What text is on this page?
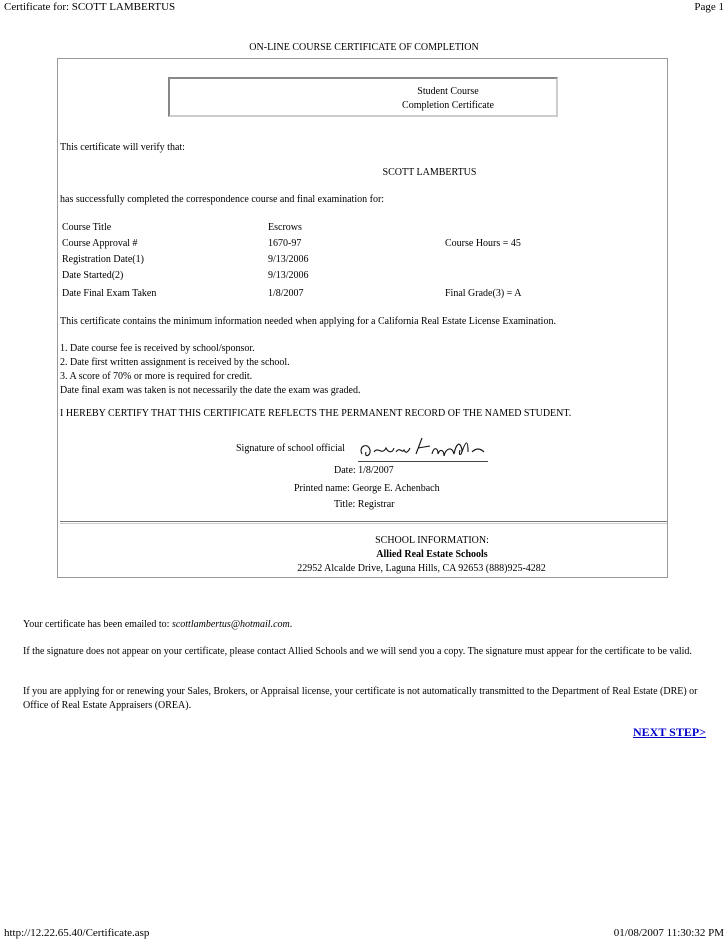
Certificate for: SCOTT LAMBERTUS	Page 1
ON-LINE COURSE CERTIFICATE OF COMPLETION
Student Course
Completion Certificate
This certificate will verify that:
SCOTT LAMBERTUS
has successfully completed the correspondence course and final examination for:
Course Title	Escrows
Course Approval #	1670-97	Course Hours = 45
Registration Date(1)	9/13/2006
Date Started(2)	9/13/2006
Date Final Exam Taken	1/8/2007	Final Grade(3) = A
This certificate contains the minimum information needed when applying for a California Real Estate License Examination.
1. Date course fee is received by school/sponsor.
2. Date first written assignment is received by the school.
3. A score of 70% or more is required for credit.
Date final exam was taken is not necessarily the date the exam was graded.
I HEREBY CERTIFY THAT THIS CERTIFICATE REFLECTS THE PERMANENT RECORD OF THE NAMED STUDENT.
Signature of school official
Date: 1/8/2007
Printed name: George E. Achenbach
Title: Registrar
SCHOOL INFORMATION:
Allied Real Estate Schools
22952 Alcalde Drive, Laguna Hills, CA 92653 (888)925-4282
Your certificate has been emailed to: scottlambertus@hotmail.com.
If the signature does not appear on your certificate, please contact Allied Schools and we will send you a copy. The signature must appear for the certificate to be valid.
If you are applying for or renewing your Sales, Brokers, or Appraisal license, your certificate is not automatically transmitted to the Department of Real Estate (DRE) or Office of Real Estate Appraisers (OREA).
NEXT STEP>
http://12.22.65.40/Certificate.asp	01/08/2007 11:30:32 PM
